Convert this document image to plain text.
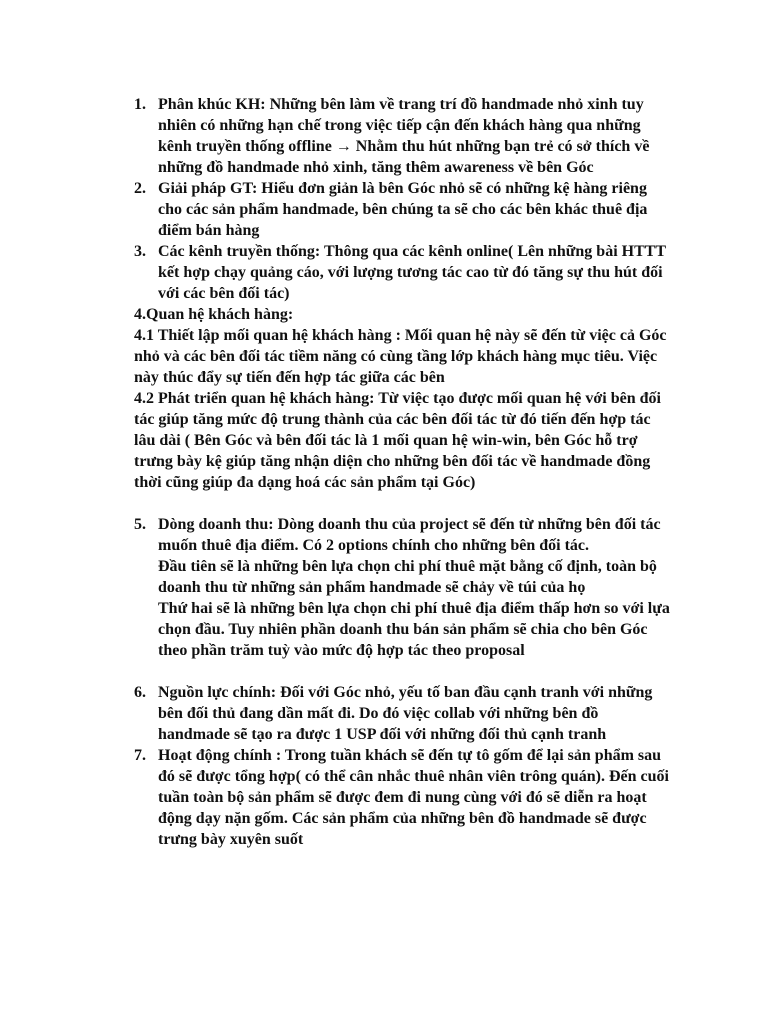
1. Phân khúc KH: Những bên làm về trang trí đồ handmade nhỏ xinh tuy nhiên có những hạn chế trong việc tiếp cận đến khách hàng qua những kênh truyền thống offline → Nhằm thu hút những bạn trẻ có sở thích về những đồ handmade nhỏ xinh, tăng thêm awareness về bên Góc
2. Giải pháp GT: Hiểu đơn giản là bên Góc nhỏ sẽ có những kệ hàng riêng cho các sản phẩm handmade, bên chúng ta sẽ cho các bên khác thuê địa điểm bán hàng
3. Các kênh truyền thống: Thông qua các kênh online( Lên những bài HTTT kết hợp chạy quảng cáo, với lượng tương tác cao từ đó tăng sự thu hút đối với các bên đối tác)
4.Quan hệ khách hàng:
4.1 Thiết lập mối quan hệ khách hàng : Mối quan hệ này sẽ đến từ việc cả Góc nhỏ và các bên đối tác tiềm năng có cùng tầng lớp khách hàng mục tiêu. Việc này thúc đẩy sự tiến đến hợp tác giữa các bên
4.2 Phát triển quan hệ khách hàng: Từ việc tạo được mối quan hệ với bên đối tác giúp tăng mức độ trung thành của các bên đối tác từ đó tiến đến hợp tác lâu dài ( Bên Góc và bên đối tác là 1 mối quan hệ win-win, bên Góc hỗ trợ trưng bày kệ giúp tăng nhận diện cho những bên đối tác về handmade đồng thời cũng giúp đa dạng hoá các sản phẩm tại Góc)
5. Dòng doanh thu: Dòng doanh thu của project sẽ đến từ những bên đối tác muốn thuê địa điểm. Có 2 options chính cho những bên đối tác.
Đầu tiên sẽ là những bên lựa chọn chi phí thuê mặt bằng cố định, toàn bộ doanh thu từ những sản phẩm handmade sẽ chảy về túi của họ
Thứ hai sẽ là những bên lựa chọn chi phí thuê địa điểm thấp hơn so với lựa chọn đầu. Tuy nhiên phần doanh thu bán sản phẩm sẽ chia cho bên Góc theo phần trăm tuỳ vào mức độ hợp tác theo proposal
6. Nguồn lực chính: Đối với Góc nhỏ, yếu tố ban đầu cạnh tranh với những bên đối thủ đang dần mất đi. Do đó việc collab với những bên đồ handmade sẽ tạo ra được 1 USP đối với những đối thủ cạnh tranh
7. Hoạt động chính : Trong tuần khách sẽ đến tự tô gốm để lại sản phẩm sau đó sẽ được tổng hợp( có thể cân nhắc thuê nhân viên trông quán). Đến cuối tuần toàn bộ sản phẩm sẽ được đem đi nung cùng với đó sẽ diễn ra hoạt động dạy nặn gốm. Các sản phẩm của những bên đồ handmade sẽ được trưng bày xuyên suốt
